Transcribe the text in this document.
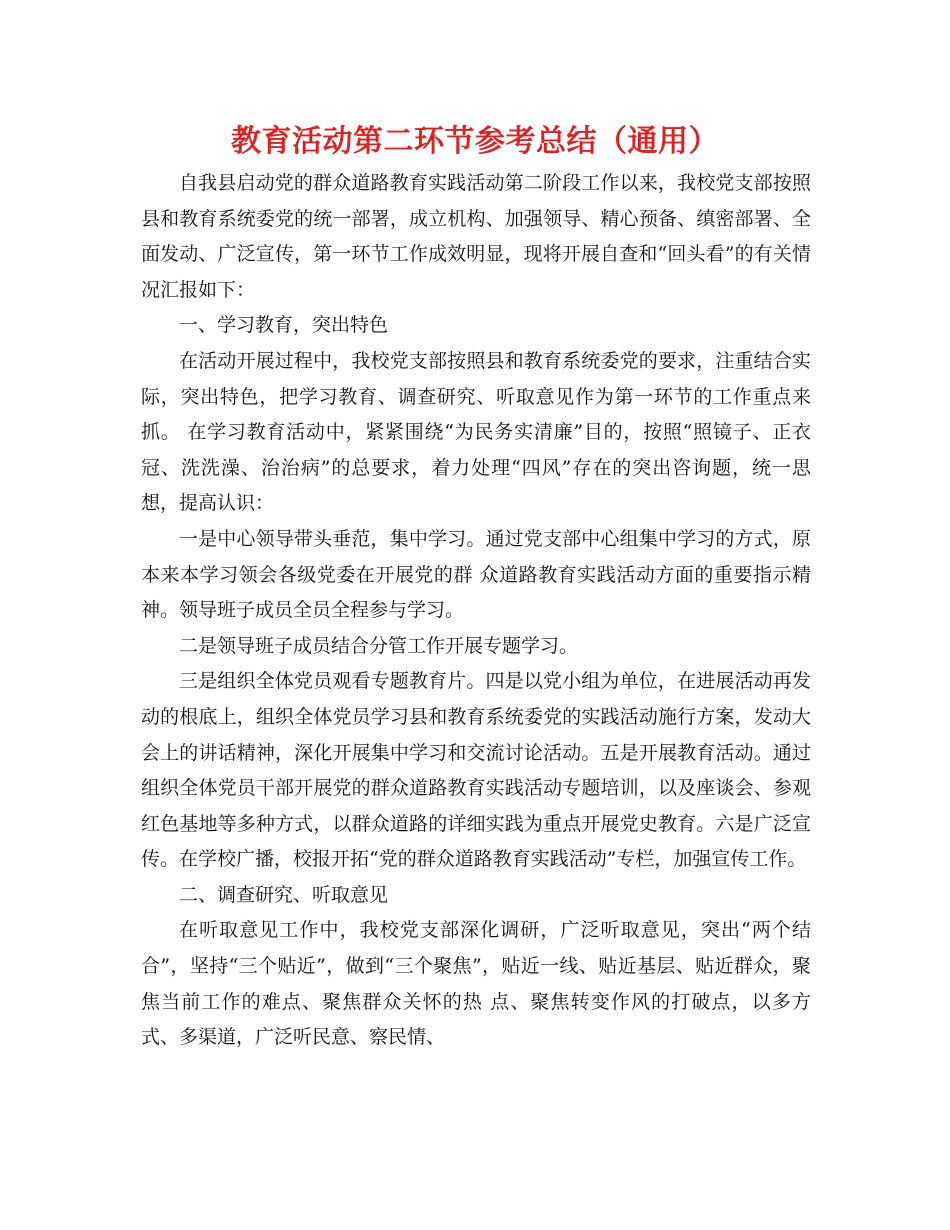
教育活动第二环节参考总结（通用）

自我县启动党的群众道路教育实践活动第二阶段工作以来，我校党支部按照县和教育系统委党的统一部署，成立机构、加强领导、精心预备、缜密部署、全面发动、广泛宣传，第一环节工作成效明显，现将开展自查和“回头看”的有关情况汇报如下：

一、学习教育，突出特色

在活动开展过程中，我校党支部按照县和教育系统委党的要求，注重结合实际，突出特色，把学习教育、调查研究、听取意见作为第一环节的工作重点来抓。 在学习教育活动中，紧紧围绕“为民务实清廉”目的，按照“照镜子、正衣冠、洗洗澡、治治病”的总要求，着力处理“四风”存在的突出咨询题，统一思想，提高认识：

一是中心领导带头垂范，集中学习。通过党支部中心组集中学习的方式，原本来本学习领会各级党委在开展党的群 众道路教育实践活动方面的重要指示精神。领导班子成员全员全程参与学习。

二是领导班子成员结合分管工作开展专题学习。

三是组织全体党员观看专题教育片。四是以党小组为单位，在进展活动再发动的根底上，组织全体党员学习县和教育系统委党的实践活动施行方案，发动大会上的讲话精神，深化开展集中学习和交流讨论活动。五是开展教育活动。通过组织全体党员干部开展党的群众道路教育实践活动专题培训，以及座谈会、参观红色基地等多种方式，以群众道路的详细实践为重点开展党史教育。六是广泛宣传。在学校广播，校报开拓“党的群众道路教育实践活动”专栏，加强宣传工作。

二、调查研究、听取意见

在听取意见工作中，我校党支部深化调研，广泛听取意见，突出“两个结合”，坚持“三个贴近”，做到“三个聚焦”，贴近一线、贴近基层、贴近群众，聚焦当前工作的难点、聚焦群众关怀的热 点、聚焦转变作风的打破点，以多方式、多渠道，广泛听民意、察民情、
